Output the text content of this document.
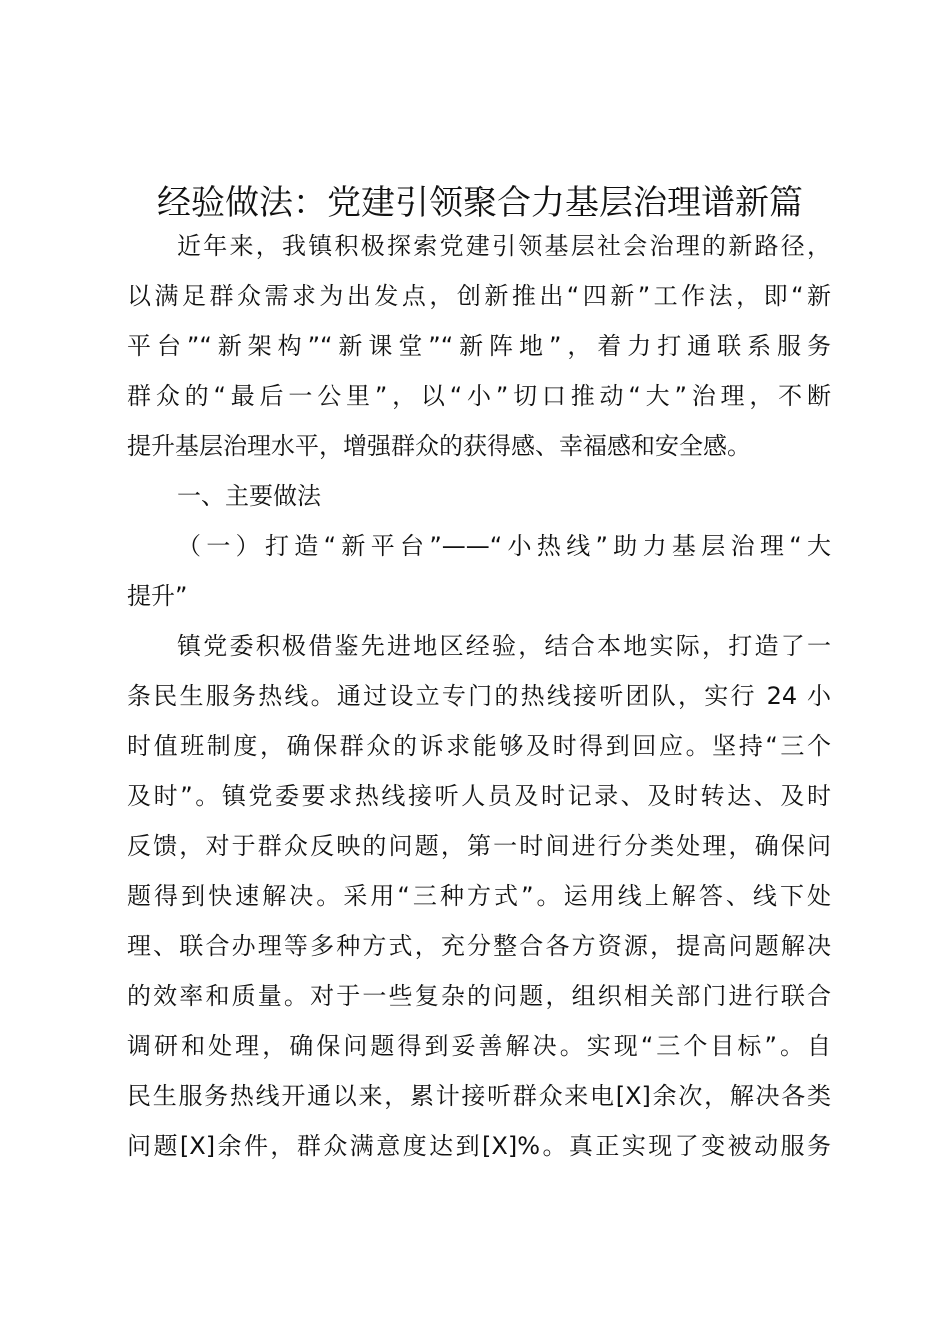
经验做法：党建引领聚合力基层治理谱新篇

近年来，我镇积极探索党建引领基层社会治理的新路径，

以满足群众需求为出发点，创新推出“四新”工作法，即“新

平台”“新架构”“新课堂”“新阵地”，着力打通联系服务

群众的“最后一公里”，以“小”切口推动“大”治理，不断

提升基层治理水平，增强群众的获得感、幸福感和安全感。

一、主要做法

（一）打造“新平台”——“小热线”助力基层治理“大

提升”

镇党委积极借鉴先进地区经验，结合本地实际，打造了一

条民生服务热线。通过设立专门的热线接听团队，实行 24 小

时值班制度，确保群众的诉求能够及时得到回应。坚持“三个

及时”。镇党委要求热线接听人员及时记录、及时转达、及时

反馈，对于群众反映的问题，第一时间进行分类处理，确保问

题得到快速解决。采用“三种方式”。运用线上解答、线下处

理、联合办理等多种方式，充分整合各方资源，提高问题解决

的效率和质量。对于一些复杂的问题，组织相关部门进行联合

调研和处理，确保问题得到妥善解决。实现“三个目标”。自

民生服务热线开通以来，累计接听群众来电[X]余次，解决各类

问题[X]余件，群众满意度达到[X]%。真正实现了变被动服务
